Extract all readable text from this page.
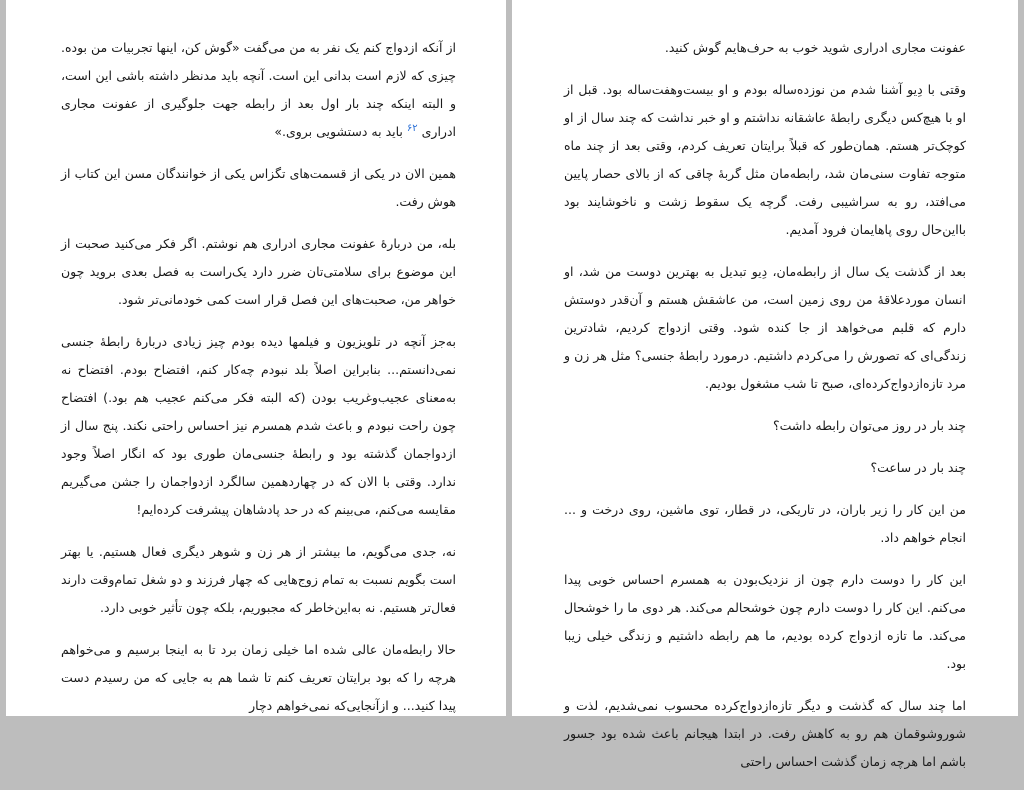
از آنکه ازدواج کنم یک نفر به من می‌گفت «گوش کن، اینها تجربیات من بوده. چیزی که لازم است بدانی این است. آنچه باید مدنظر داشته باشی این است، و البته اینکه چند بار اول بعد از رابطه جهت جلوگیری از عفونت مجاری ادراری $^{۶۲}$ باید به دستشویی بروی.»

همین الان در یکی از قسمت‌های تگزاس یکی از خوانندگان مسن این کتاب از هوش رفت.

بله، من دربارهٔ عفونت مجاری ادراری هم نوشتم. اگر فکر می‌کنید صحبت از این موضوع برای سلامتی‌تان ضرر دارد یک‌راست به فصل بعدی بروید چون خواهر من، صحبت‌های این فصل قرار است کمی خودمانی‌تر شود.

به‌جز آنچه در تلویزیون و فیلمها دیده بودم چیز زیادی دربارهٔ رابطهٔ جنسی نمی‌دانستم... بنابراین اصلاً بلد نبودم چه‌کار کنم، افتضاح بودم. افتضاح نه به‌معنای عجیب‌وغریب بودن (که البته فکر می‌کنم عجیب هم بود.) افتضاح چون راحت نبودم و باعث شدم همسرم نیز احساس راحتی نکند. پنج سال از ازدواجمان گذشته بود و رابطهٔ جنسی‌مان طوری بود که انگار اصلاً وجود ندارد. وقتی با الان که در چهاردهمین سالگرد ازدواجمان را جشن می‌گیریم مقایسه می‌کنم، می‌بینم که در حد پادشاهان پیشرفت کرده‌ایم!

نه، جدی می‌گویم، ما بیشتر از هر زن و شوهر دیگری فعال هستیم. یا بهتر است بگویم نسبت به تمام زوج‌هایی که چهار فرزند و دو شغل تمام‌وقت دارند فعال‌تر هستیم. نه به‌این‌خاطر که مجبوریم، بلکه چون تأثیر خوبی دارد.

حالا رابطه‌مان عالی شده اما خیلی زمان برد تا به اینجا برسیم و می‌خواهم هرچه را که بود برایتان تعریف کنم تا شما هم به جایی که من رسیدم دست پیدا کنید... و ازآنجایی‌که نمی‌خواهم دچار

عفونت مجاری ادراری شوید خوب به حرف‌هایم گوش کنید.

وقتی با دِیو آشنا شدم من نوزده‌ساله بودم و او بیست‌وهفت‌ساله بود. قبل از او با هیچ‌کس دیگری رابطهٔ عاشقانه نداشتم و او خبر نداشت که چند سال از او کوچک‌تر هستم. همان‌طور که قبلاً برایتان تعریف کردم، وقتی بعد از چند ماه متوجه تفاوت سنی‌مان شد، رابطه‌مان مثل گربهٔ چاقی که از بالای حصار پایین می‌افتد، رو به سراشیبی رفت. گرچه یک سقوط زشت و ناخوشایند بود بااین‌حال روی پاهایمان فرود آمدیم.

بعد از گذشت یک سال از رابطه‌مان، دِیو تبدیل به بهترین دوست من شد، او انسان موردعلاقهٔ من روی زمین است، من عاشقش هستم و آن‌قدر دوستش دارم که قلبم می‌خواهد از جا کنده شود. وقتی ازدواج کردیم، شادترین زندگی‌ای که تصورش را می‌کردم داشتیم. درمورد رابطهٔ جنسی؟ مثل هر زن و مرد تازه‌ازدواج‌کرده‌ای، صبح تا شب مشغول بودیم.

چند بار در روز می‌توان رابطه داشت؟

چند بار در ساعت؟

من این کار را زیر باران، در تاریکی، در قطار، توی ماشین، روی درخت و ... انجام خواهم داد.

این کار را دوست دارم چون از نزدیک‌بودن به همسرم احساس خوبی پیدا می‌کنم. این کار را دوست دارم چون خوشحالم می‌کند. هر دوی ما را خوشحال می‌کند. ما تازه ازدواج کرده بودیم، ما هم رابطه داشتیم و زندگی خیلی زیبا بود.

اما چند سال که گذشت و دیگر تازه‌ازدواج‌کرده محسوب نمی‌شدیم، لذت و شوروشوقمان هم رو به کاهش رفت. در ابتدا هیجانم باعث شده بود جسور باشم اما هرچه زمان گذشت احساس راحتی
